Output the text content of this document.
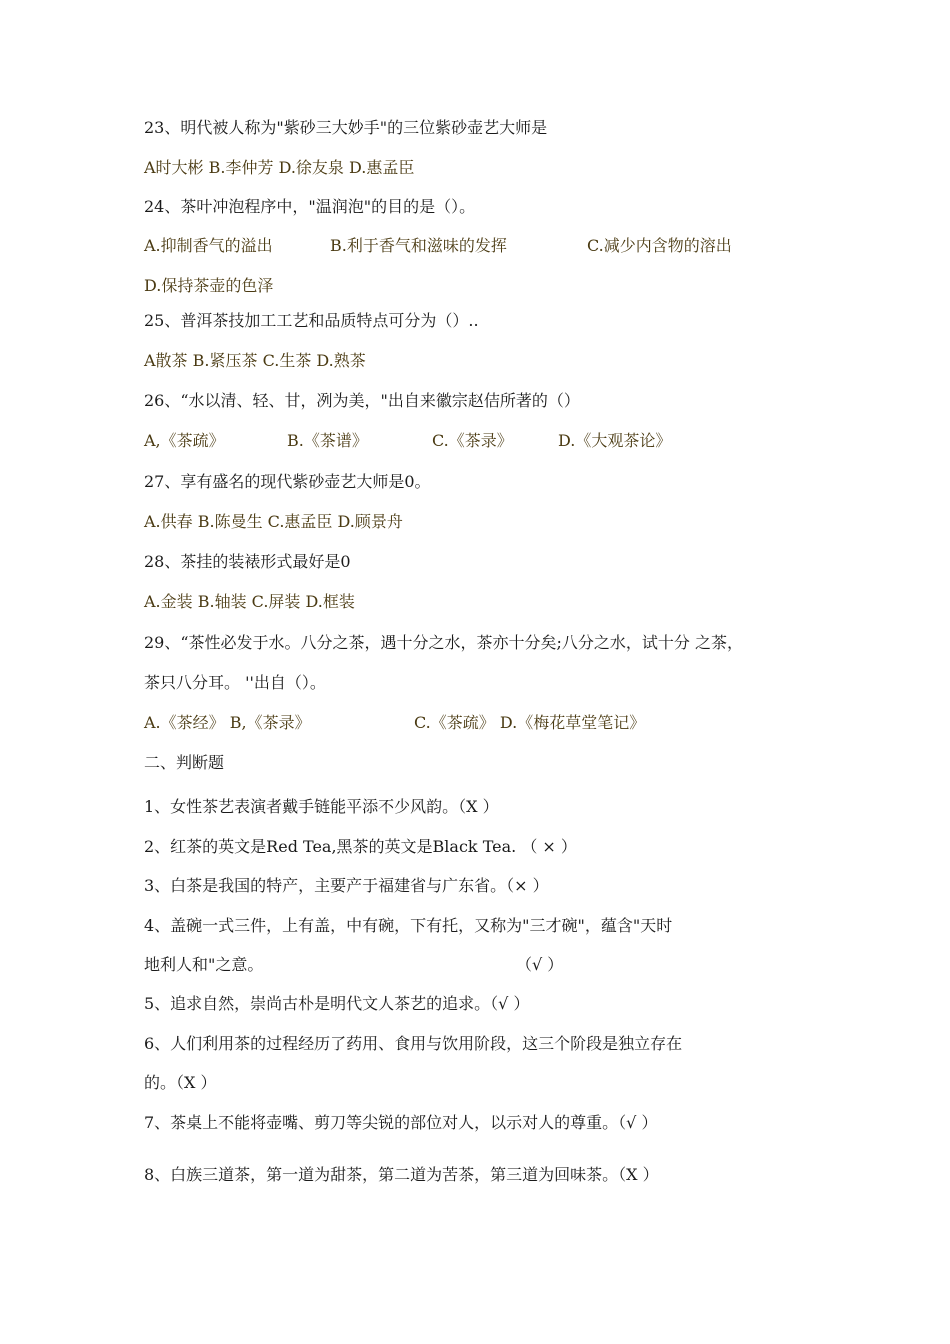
23、明代被人称为"紫砂三大妙手"的三位紫砂壶艺大师是
A时大彬 B.李仲芳 D.徐友泉 D.惠孟臣
24、茶叶冲泡程序中，"温润泡"的目的是（）。

A.抑制香气的溢出

	B.利于香气和滋味的发挥

	C.减少内含物的溶出

D.保持茶壶的色泽
25、普洱茶技加工工艺和品质特点可分为（）..
A散茶 B.紧压茶 C.生茶 D.熟茶
26、“水以清、轻、甘，冽为美，"出自来徽宗赵佶所著的（）

A,《茶疏》

	B.《茶谱》

	C.《茶录》

	D.《大观茶论》

27、享有盛名的现代紫砂壶艺大师是0。
A.供春 B.陈曼生 C.惠孟臣 D.顾景舟
28、茶挂的装裱形式最好是0
A.金装 B.轴装 C.屏装 D.框装
29、“茶性必发于水。八分之茶，遇十分之水，茶亦十分矣;八分之水，试十分 之茶，
茶只八分耳。 ''出自（）。

A.《茶经》 B,《茶录》

	C.《茶疏》 D.《梅花草堂笔记》

二、判断题
1、女性茶艺表演者戴手链能平添不少风韵。（X ）
2、红茶的英文是Red Tea,黑茶的英文是Black Tea. （ × ）
3、白茶是我国的特产，主要产于福建省与广东省。（× ）
4、盖碗一式三件，上有盖，中有碗，下有托，又称为"三才碗"，蕴含"天时

地利人和"之意。

	（√ ）

5、追求自然，崇尚古朴是明代文人茶艺的追求。（√ ）
6、人们利用茶的过程经历了药用、食用与饮用阶段，这三个阶段是独立存在
的。（X ）
7、茶桌上不能将壶嘴、剪刀等尖锐的部位对人，以示对人的尊重。（√ ）
8、白族三道茶，第一道为甜茶，第二道为苦茶，第三道为回味茶。（X ）
